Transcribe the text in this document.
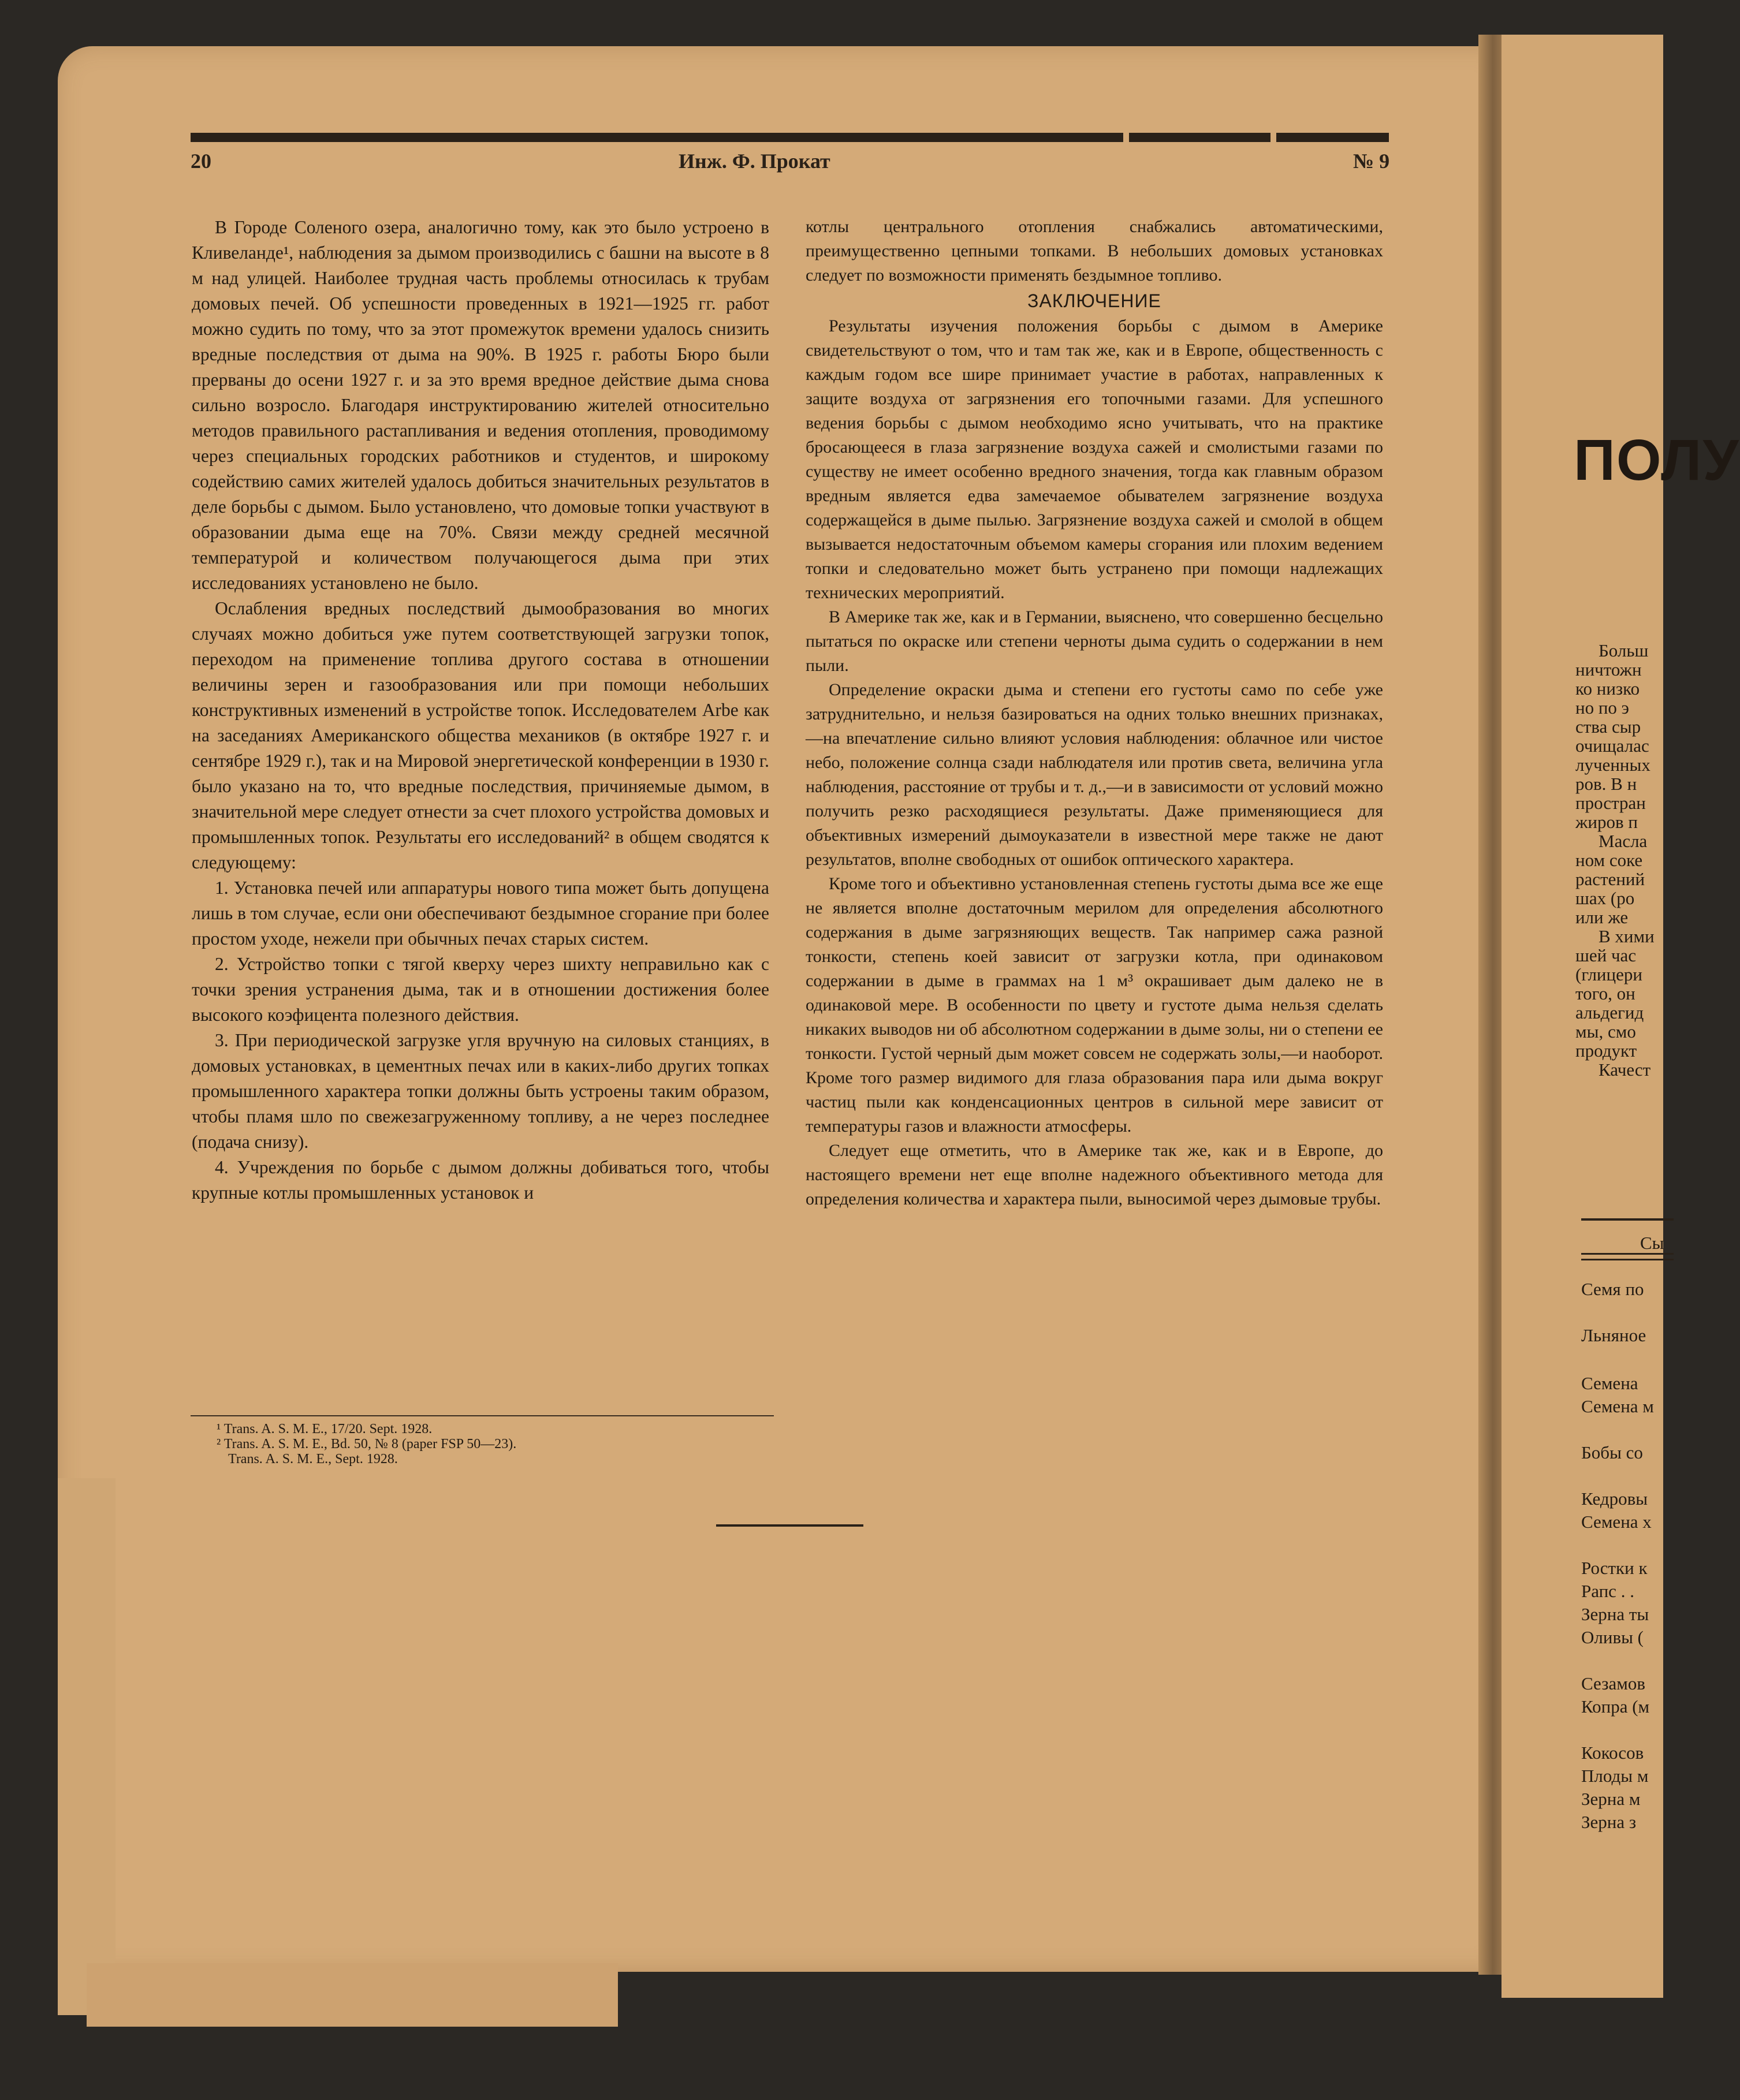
20	Инж. Ф. Прокат	№ 9

В Городе Соленого озера, аналогично тому, как это было устроено в Кливеланде¹, наблюдения за дымом производились с башни на высоте в 8 м над улицей. Наиболее трудная часть проблемы относилась к трубам домовых печей. Об успешности проведенных в 1921—1925 гг. работ можно судить по тому, что за этот промежуток времени удалось снизить вредные последствия от дыма на 90%. В 1925 г. работы Бюро были прерваны до осени 1927 г. и за это время вредное действие дыма снова сильно возросло. Благодаря инструктированию жителей относительно методов правильного растапливания и ведения отопления, проводимому через специальных городских работников и студентов, и широкому содействию самих жителей удалось добиться значительных результатов в деле борьбы с дымом. Было установлено, что домовые топки участвуют в образовании дыма еще на 70%. Связи между средней месячной температурой и количеством получающегося дыма при этих исследованиях установлено не было.

Ослабления вредных последствий дымообразования во многих случаях можно добиться уже путем соответствующей загрузки топок, переходом на применение топлива другого состава в отношении величины зерен и газообразования или при помощи небольших конструктивных изменений в устройстве топок. Исследователем Arbe как на заседаниях Американского общества механиков (в октябре 1927 г. и сентябре 1929 г.), так и на Мировой энергетической конференции в 1930 г. было указано на то, что вредные последствия, причиняемые дымом, в значительной мере следует отнести за счет плохого устройства домовых и промышленных топок. Результаты его исследований² в общем сводятся к следующему:

1. Установка печей или аппаратуры нового типа может быть допущена лишь в том случае, если они обеспечивают бездымное сгорание при более простом уходе, нежели при обычных печах старых систем.

2. Устройство топки с тягой кверху через шихту неправильно как с точки зрения устранения дыма, так и в отношении достижения более высокого коэфицента полезного действия.

3. При периодической загрузке угля вручную на силовых станциях, в домовых установках, в цементных печах или в каких-либо других топках промышленного характера топки должны быть устроены таким образом, чтобы пламя шло по свежезагруженному топливу, а не через последнее (подача снизу).

4. Учреждения по борьбе с дымом должны добиваться того, чтобы крупные котлы промышленных установок и

котлы центрального отопления снабжались автоматическими, преимущественно цепными топками. В небольших домовых установках следует по возможности применять бездымное топливо.

ЗАКЛЮЧЕНИЕ

Результаты изучения положения борьбы с дымом в Америке свидетельствуют о том, что и там так же, как и в Европе, общественность с каждым годом все шире принимает участие в работах, направленных к защите воздуха от загрязнения его топочными газами. Для успешного ведения борьбы с дымом необходимо ясно учитывать, что на практике бросающееся в глаза загрязнение воздуха сажей и смолистыми газами по существу не имеет особенно вредного значения, тогда как главным образом вредным является едва замечаемое обывателем загрязнение воздуха содержащейся в дыме пылью. Загрязнение воздуха сажей и смолой в общем вызывается недостаточным объемом камеры сгорания или плохим ведением топки и следовательно может быть устранено при помощи надлежащих технических мероприятий.

В Америке так же, как и в Германии, выяснено, что совершенно бесцельно пытаться по окраске или степени черноты дыма судить о содержании в нем пыли.

Определение окраски дыма и степени его густоты само по себе уже затруднительно, и нельзя базироваться на одних только внешних признаках,—на впечатление сильно влияют условия наблюдения: облачное или чистое небо, положение солнца сзади наблюдателя или против света, величина угла наблюдения, расстояние от трубы и т. д.,—и в зависимости от условий можно получить резко расходящиеся результаты. Даже применяющиеся для объективных измерений дымоуказатели в известной мере также не дают результатов, вполне свободных от ошибок оптического характера.

Кроме того и объективно установленная степень густоты дыма все же еще не является вполне достаточным мерилом для определения абсолютного содержания в дыме загрязняющих веществ. Так например сажа разной тонкости, степень коей зависит от загрузки котла, при одинаковом содержании в дыме в граммах на 1 м³ окрашивает дым далеко не в одинаковой мере. В особенности по цвету и густоте дыма нельзя сделать никаких выводов ни об абсолютном содержании в дыме золы, ни о степени ее тонкости. Густой черный дым может совсем не содержать золы,—и наоборот. Кроме того размер видимого для глаза образования пара или дыма вокруг частиц пыли как конденсационных центров в сильной мере зависит от температуры газов и влажности атмосферы.

Следует еще отметить, что в Америке так же, как и в Европе, до настоящего времени нет еще вполне надежного объективного метода для определения количества и характера пыли, выносимой через дымовые трубы.

¹ Trans. A. S. M. E., 17/20. Sept. 1928.
² Trans. A. S. M. E., Bd. 50, № 8 (paper FSP 50—23).
Trans. A. S. M. E., Sept. 1928.
ПОЛУ
Больш
ничтожн
ко низко
но по э
ства сыр
очищалас
лученных
ров. В н
простран
жиров п
Масла
ном соке
растений
шах (ро
или же
В хими
шей час
(глицери
того, он
альдегид
мы, смо
продукт
Качест
Сы
Семя по
Льняное
Семена
Семена м
Бобы со
Кедровы
Семена х
Ростки к
Рапс . .
Зерна ты
Оливы (
Сезамов
Копра (м
Кокосов
Плоды м
Зерна м
Зерна з
